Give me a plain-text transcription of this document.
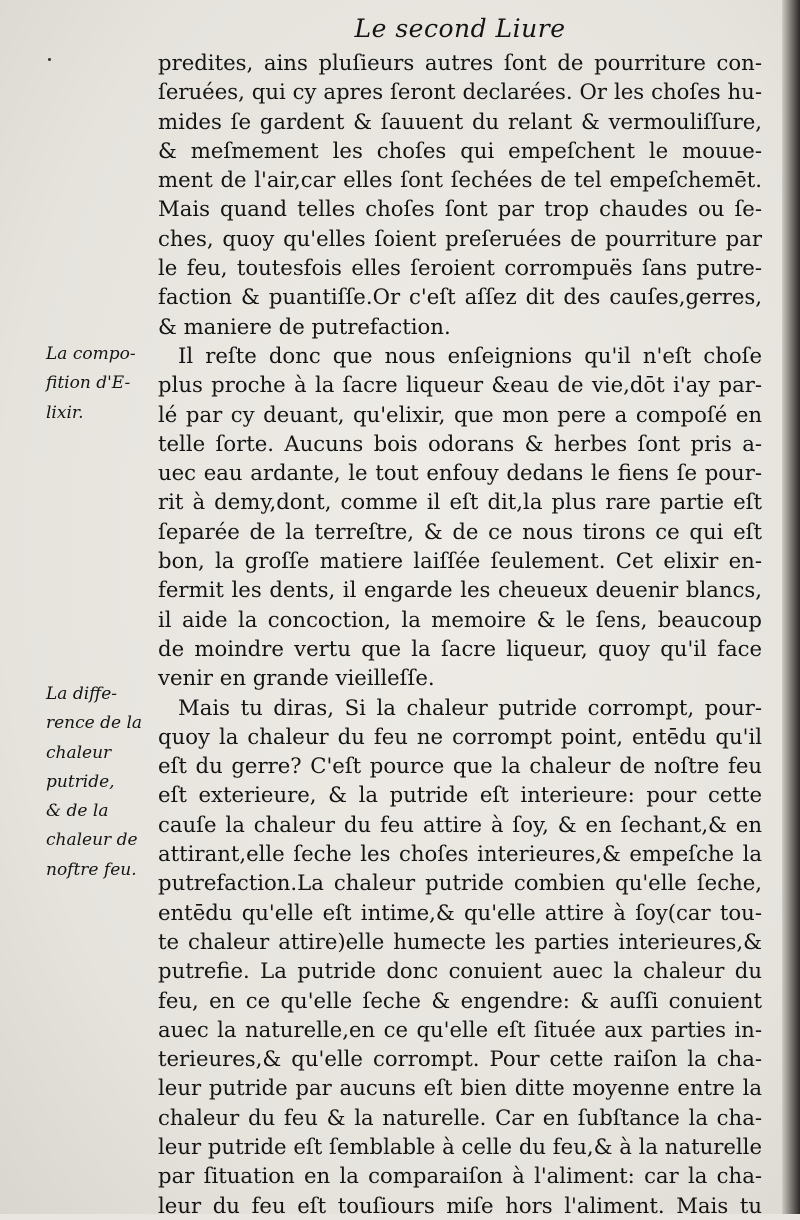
Le second Liure
La compo-
fition d'E-
lixir.
La diffe-
rence de la
chaleur
putride,
& de la
chaleur de
noftre feu.
predites, ains pluſieurs autres ſont de pourriture con-
ſeruées, qui cy apres ſeront declarées. Or les choſes hu-
mides ſe gardent & ſauuent du relant & vermouliſſure,
& meſmement les choſes qui empeſchent le mouue-
ment de l'air,car elles ſont ſechées de tel empeſchemēt.
Mais quand telles choſes ſont par trop chaudes ou ſe-
ches, quoy qu'elles ſoient preſeruées de pourriture par
le feu, toutesfois elles ſeroient corrompuës ſans putre-
faction & puantiſſe.Or c'eſt aſſez dit des cauſes,gerres,
& maniere de putrefaction.
Il reſte donc que nous enſeignions qu'il n'eſt choſe
plus proche à la ſacre liqueur &eau de vie,dōt i'ay par-
lé par cy deuant, qu'elixir, que mon pere a compoſé en
telle ſorte. Aucuns bois odorans & herbes ſont pris a-
uec eau ardante, le tout enfouy dedans le fiens ſe pour-
rit à demy,dont, comme il eſt dit,la plus rare partie eſt
ſeparée de la terreſtre, & de ce nous tirons ce qui eſt
bon, la groſſe matiere laiſſée ſeulement. Cet elixir en-
fermit les dents, il engarde les cheueux deuenir blancs,
il aide la concoction, la memoire & le ſens, beaucoup
de moindre vertu que la ſacre liqueur, quoy qu'il face
venir en grande vieilleſſe.
Mais tu diras, Si la chaleur putride corrompt, pour-
quoy la chaleur du feu ne corrompt point, entēdu qu'il
eſt du gerre? C'eſt pource que la chaleur de noſtre feu
eſt exterieure, & la putride eſt interieure: pour cette
cauſe la chaleur du feu attire à ſoy, & en ſechant,& en
attirant,elle ſeche les choſes interieures,& empeſche la
putrefaction.La chaleur putride combien qu'elle ſeche,
entēdu qu'elle eſt intime,& qu'elle attire à ſoy(car tou-
te chaleur attire)elle humecte les parties interieures,&
putrefie. La putride donc conuient auec la chaleur du
feu, en ce qu'elle ſeche & engendre: & auſſi conuient
auec la naturelle,en ce qu'elle eſt ſituée aux parties in-
terieures,& qu'elle corrompt. Pour cette raiſon la cha-
leur putride par aucuns eſt bien ditte moyenne entre la
chaleur du feu & la naturelle. Car en ſubſtance la cha-
leur putride eſt ſemblable à celle du feu,& à la naturelle
par ſituation en la comparaiſon à l'aliment: car la cha-
leur du feu eſt touſiours miſe hors l'aliment. Mais tu
